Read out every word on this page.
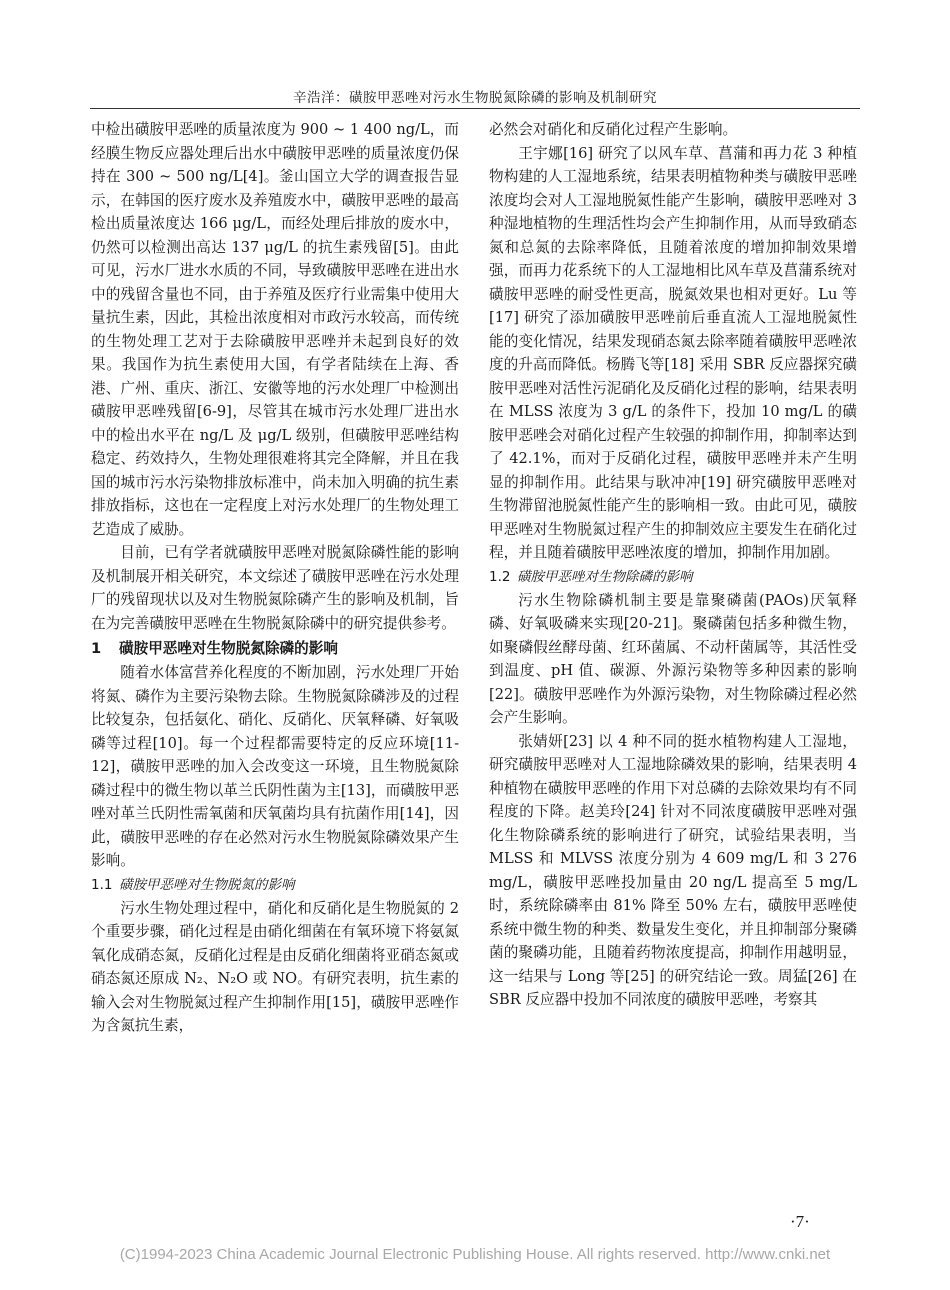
辛浩洋：磺胺甲恶唑对污水生物脱氮除磷的影响及机制研究

中检出磺胺甲恶唑的质量浓度为 900 ~ 1 400 ng/L，而经膜生物反应器处理后出水中磺胺甲恶唑的质量浓度仍保持在 300 ~ 500 ng/L[4]。釜山国立大学的调查报告显示，在韩国的医疗废水及养殖废水中，磺胺甲恶唑的最高检出质量浓度达 166 μg/L，而经处理后排放的废水中，仍然可以检测出高达 137 μg/L 的抗生素残留[5]。由此可见，污水厂进水水质的不同，导致磺胺甲恶唑在进出水中的残留含量也不同，由于养殖及医疗行业需集中使用大量抗生素，因此，其检出浓度相对市政污水较高，而传统的生物处理工艺对于去除磺胺甲恶唑并未起到良好的效果。我国作为抗生素使用大国，有学者陆续在上海、香港、广州、重庆、浙江、安徽等地的污水处理厂中检测出磺胺甲恶唑残留[6-9]，尽管其在城市污水处理厂进出水中的检出水平在 ng/L 及 μg/L 级别，但磺胺甲恶唑结构稳定、药效持久，生物处理很难将其完全降解，并且在我国的城市污水污染物排放标准中，尚未加入明确的抗生素排放指标，这也在一定程度上对污水处理厂的生物处理工艺造成了威胁。

目前，已有学者就磺胺甲恶唑对脱氮除磷性能的影响及机制展开相关研究，本文综述了磺胺甲恶唑在污水处理厂的残留现状以及对生物脱氮除磷产生的影响及机制，旨在为完善磺胺甲恶唑在生物脱氮除磷中的研究提供参考。

1 磺胺甲恶唑对生物脱氮除磷的影响

随着水体富营养化程度的不断加剧，污水处理厂开始将氮、磷作为主要污染物去除。生物脱氮除磷涉及的过程比较复杂，包括氨化、硝化、反硝化、厌氧释磷、好氧吸磷等过程[10]。每一个过程都需要特定的反应环境[11-12]，磺胺甲恶唑的加入会改变这一环境，且生物脱氮除磷过程中的微生物以革兰氏阴性菌为主[13]，而磺胺甲恶唑对革兰氏阴性需氧菌和厌氧菌均具有抗菌作用[14]，因此，磺胺甲恶唑的存在必然对污水生物脱氮除磷效果产生影响。

1.1 磺胺甲恶唑对生物脱氮的影响

污水生物处理过程中，硝化和反硝化是生物脱氮的 2 个重要步骤，硝化过程是由硝化细菌在有氧环境下将氨氮氧化成硝态氮，反硝化过程是由反硝化细菌将亚硝态氮或硝态氮还原成 N₂、N₂O 或 NO。有研究表明，抗生素的输入会对生物脱氮过程产生抑制作用[15]，磺胺甲恶唑作为含氮抗生素，

必然会对硝化和反硝化过程产生影响。

王宇娜[16] 研究了以风车草、菖蒲和再力花 3 种植物构建的人工湿地系统，结果表明植物种类与磺胺甲恶唑浓度均会对人工湿地脱氮性能产生影响，磺胺甲恶唑对 3 种湿地植物的生理活性均会产生抑制作用，从而导致硝态氮和总氮的去除率降低，且随着浓度的增加抑制效果增强，而再力花系统下的人工湿地相比风车草及菖蒲系统对磺胺甲恶唑的耐受性更高，脱氮效果也相对更好。Lu 等[17] 研究了添加磺胺甲恶唑前后垂直流人工湿地脱氮性能的变化情况，结果发现硝态氮去除率随着磺胺甲恶唑浓度的升高而降低。杨腾飞等[18] 采用 SBR 反应器探究磺胺甲恶唑对活性污泥硝化及反硝化过程的影响，结果表明在 MLSS 浓度为 3 g/L 的条件下，投加 10 mg/L 的磺胺甲恶唑会对硝化过程产生较强的抑制作用，抑制率达到了 42.1%，而对于反硝化过程，磺胺甲恶唑并未产生明显的抑制作用。此结果与耿冲冲[19] 研究磺胺甲恶唑对生物滞留池脱氮性能产生的影响相一致。由此可见，磺胺甲恶唑对生物脱氮过程产生的抑制效应主要发生在硝化过程，并且随着磺胺甲恶唑浓度的增加，抑制作用加剧。

1.2 磺胺甲恶唑对生物除磷的影响

污水生物除磷机制主要是靠聚磷菌(PAOs)厌氧释磷、好氧吸磷来实现[20-21]。聚磷菌包括多种微生物，如聚磷假丝酵母菌、红环菌属、不动杆菌属等，其活性受到温度、pH 值、碳源、外源污染物等多种因素的影响[22]。磺胺甲恶唑作为外源污染物，对生物除磷过程必然会产生影响。

张婧妍[23] 以 4 种不同的挺水植物构建人工湿地，研究磺胺甲恶唑对人工湿地除磷效果的影响，结果表明 4 种植物在磺胺甲恶唑的作用下对总磷的去除效果均有不同程度的下降。赵美玲[24] 针对不同浓度磺胺甲恶唑对强化生物除磷系统的影响进行了研究，试验结果表明，当 MLSS 和 MLVSS 浓度分别为 4 609 mg/L 和 3 276 mg/L，磺胺甲恶唑投加量由 20 ng/L 提高至 5 mg/L 时，系统除磷率由 81% 降至 50% 左右，磺胺甲恶唑使系统中微生物的种类、数量发生变化，并且抑制部分聚磷菌的聚磷功能，且随着药物浓度提高，抑制作用越明显，这一结果与 Long 等[25] 的研究结论一致。周猛[26] 在 SBR 反应器中投加不同浓度的磺胺甲恶唑，考察其

·7·
(C)1994-2023 China Academic Journal Electronic Publishing House. All rights reserved. http://www.cnki.net
